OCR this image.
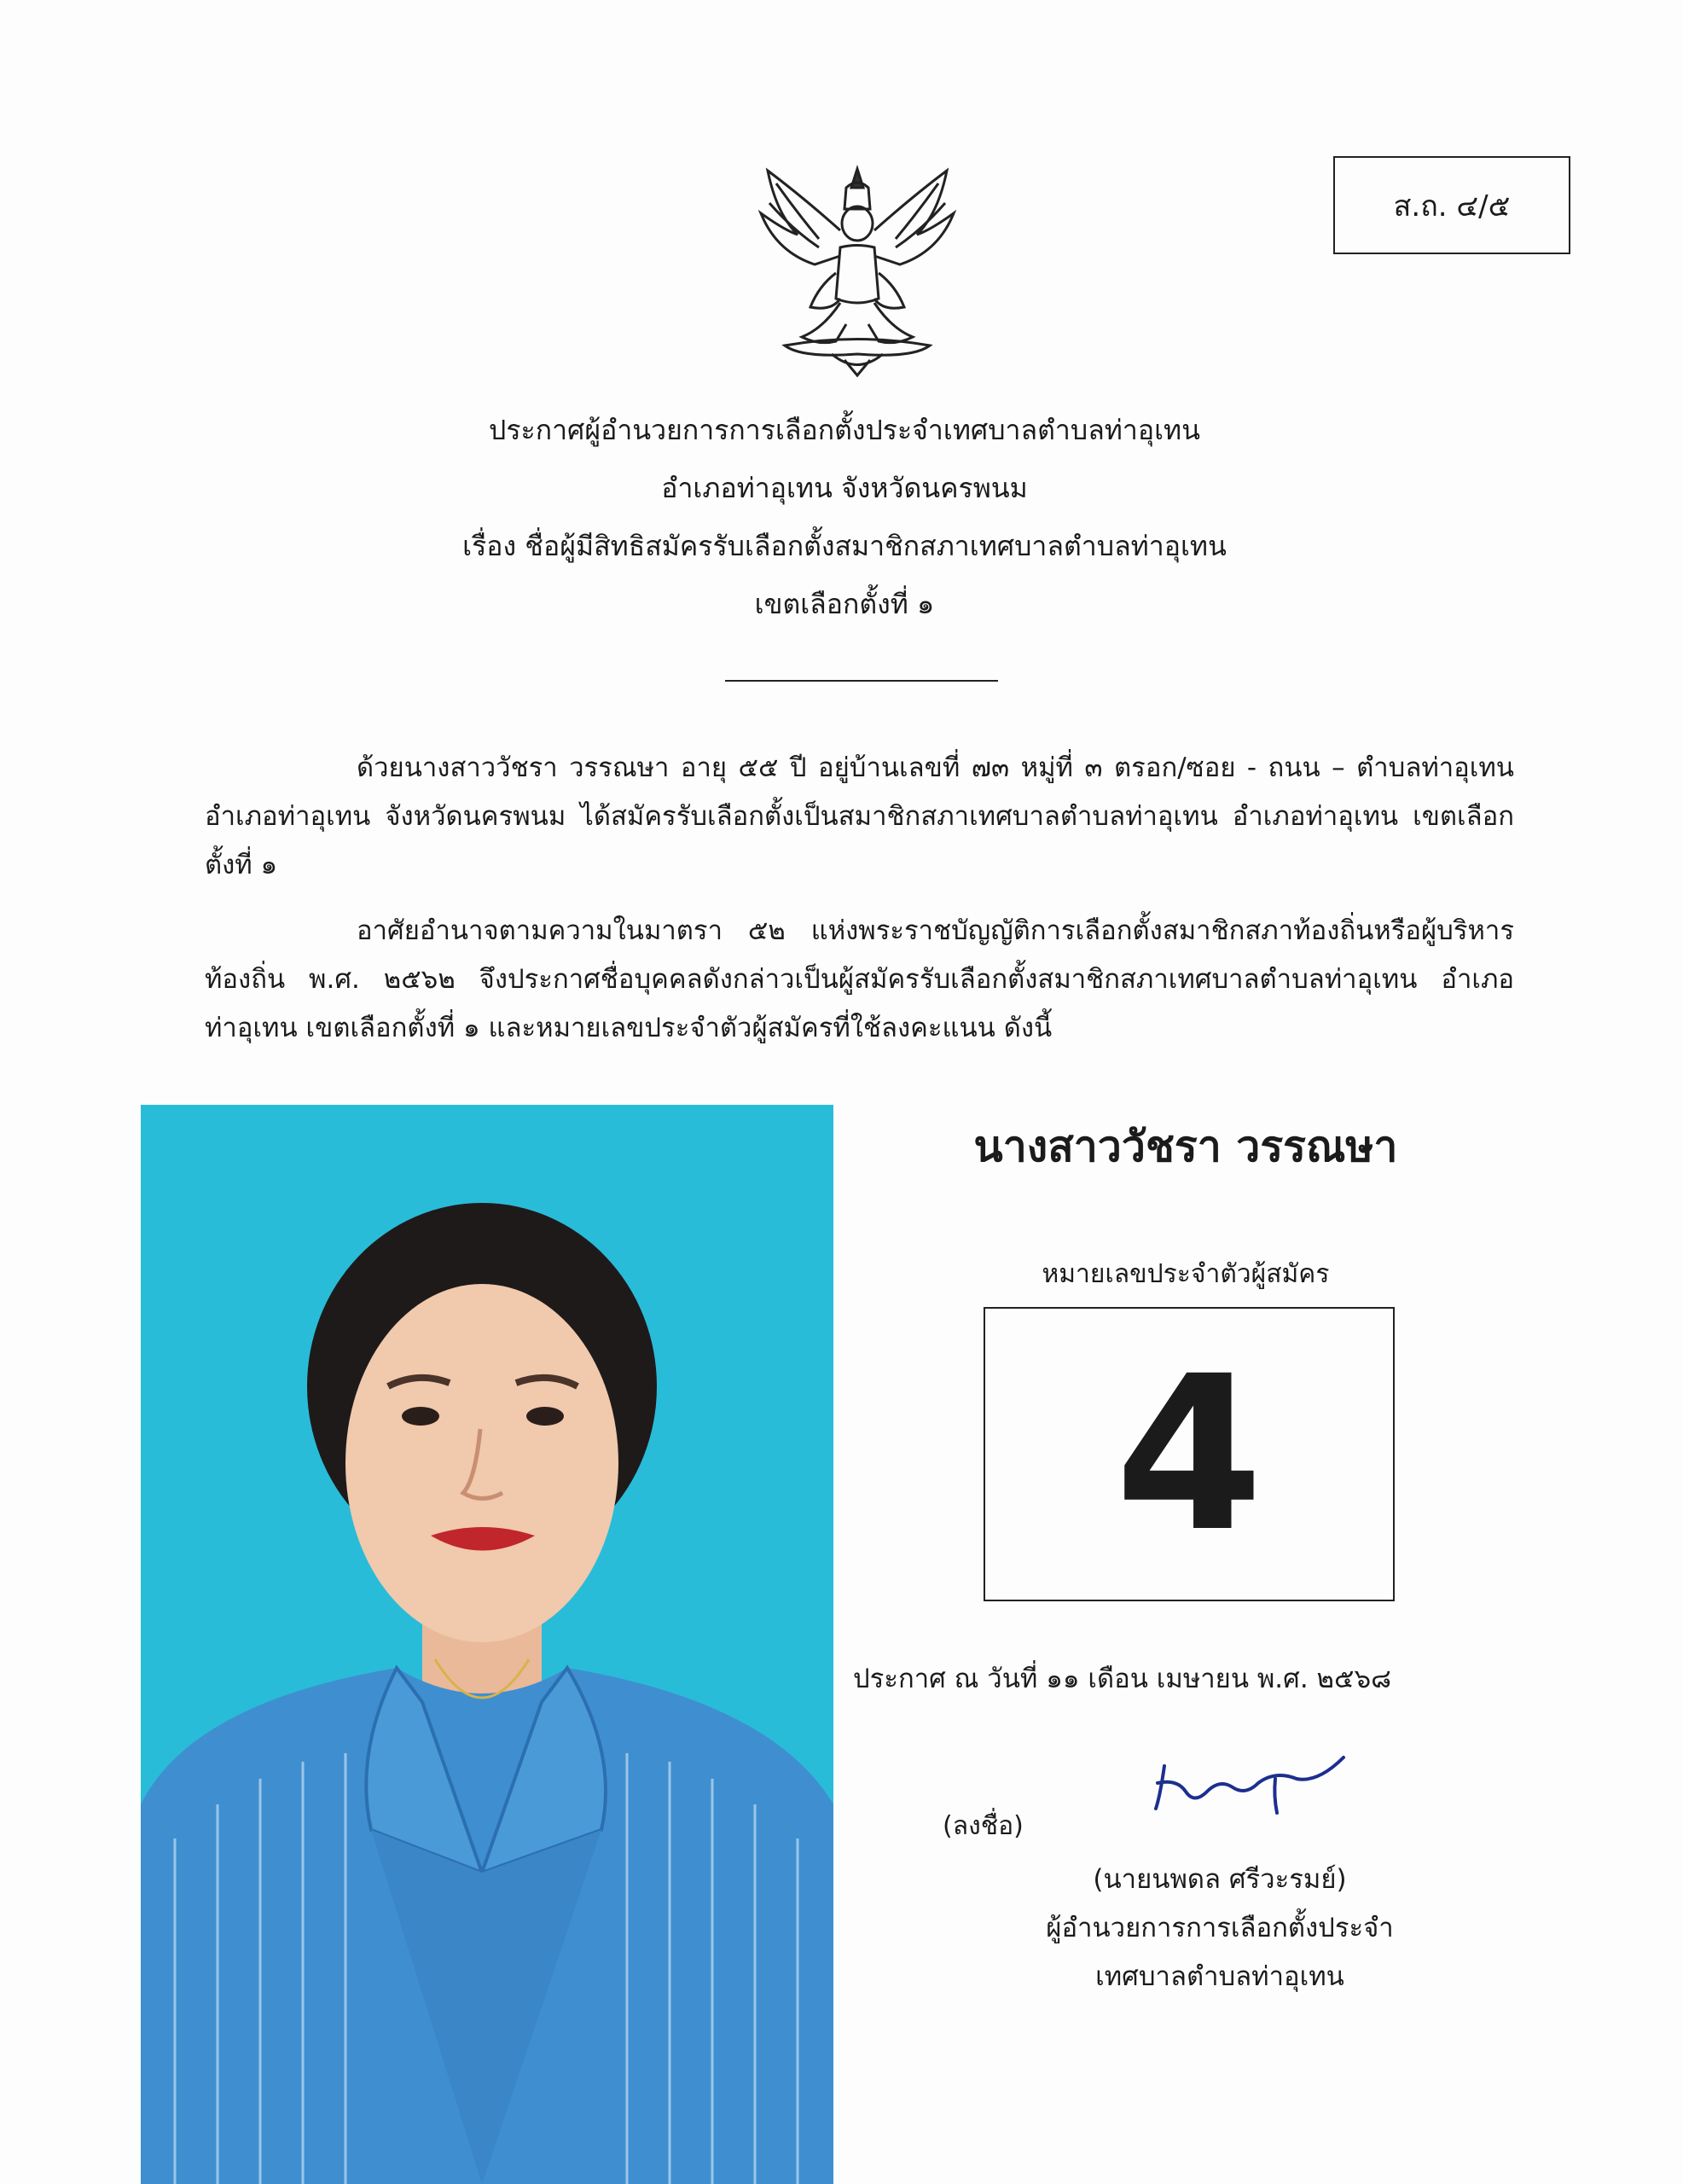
ส.ถ. ๔/๕
ประกาศผู้อำนวยการการเลือกตั้งประจำเทศบาลตำบลท่าอุเทน
อำเภอท่าอุเทน จังหวัดนครพนม
เรื่อง ชื่อผู้มีสิทธิสมัครรับเลือกตั้งสมาชิกสภาเทศบาลตำบลท่าอุเทน
เขตเลือกตั้งที่ ๑

ด้วยนางสาววัชรา วรรณษา อายุ ๕๕ ปี อยู่บ้านเลขที่ ๗๓ หมู่ที่ ๓ ตรอก/ซอย - ถนน – ตำบลท่าอุเทน อำเภอท่าอุเทน จังหวัดนครพนม ได้สมัครรับเลือกตั้งเป็นสมาชิกสภาเทศบาลตำบลท่าอุเทน อำเภอท่าอุเทน เขตเลือกตั้งที่ ๑

อาศัยอำนาจตามความในมาตรา ๕๒ แห่งพระราชบัญญัติการเลือกตั้งสมาชิกสภาท้องถิ่นหรือผู้บริหารท้องถิ่น พ.ศ. ๒๕๖๒ จึงประกาศชื่อบุคคลดังกล่าวเป็นผู้สมัครรับเลือกตั้งสมาชิกสภาเทศบาลตำบลท่าอุเทน อำเภอท่าอุเทน เขตเลือกตั้งที่ ๑ และหมายเลขประจำตัวผู้สมัครที่ใช้ลงคะแนน ดังนี้

นางสาววัชรา วรรณษา
หมายเลขประจำตัวผู้สมัคร
4
ประกาศ ณ วันที่ ๑๑ เดือน เมษายน พ.ศ. ๒๕๖๘
(ลงชื่อ)
(นายนพดล ศรีวะรมย์)
ผู้อำนวยการการเลือกตั้งประจำ
เทศบาลตำบลท่าอุเทน
